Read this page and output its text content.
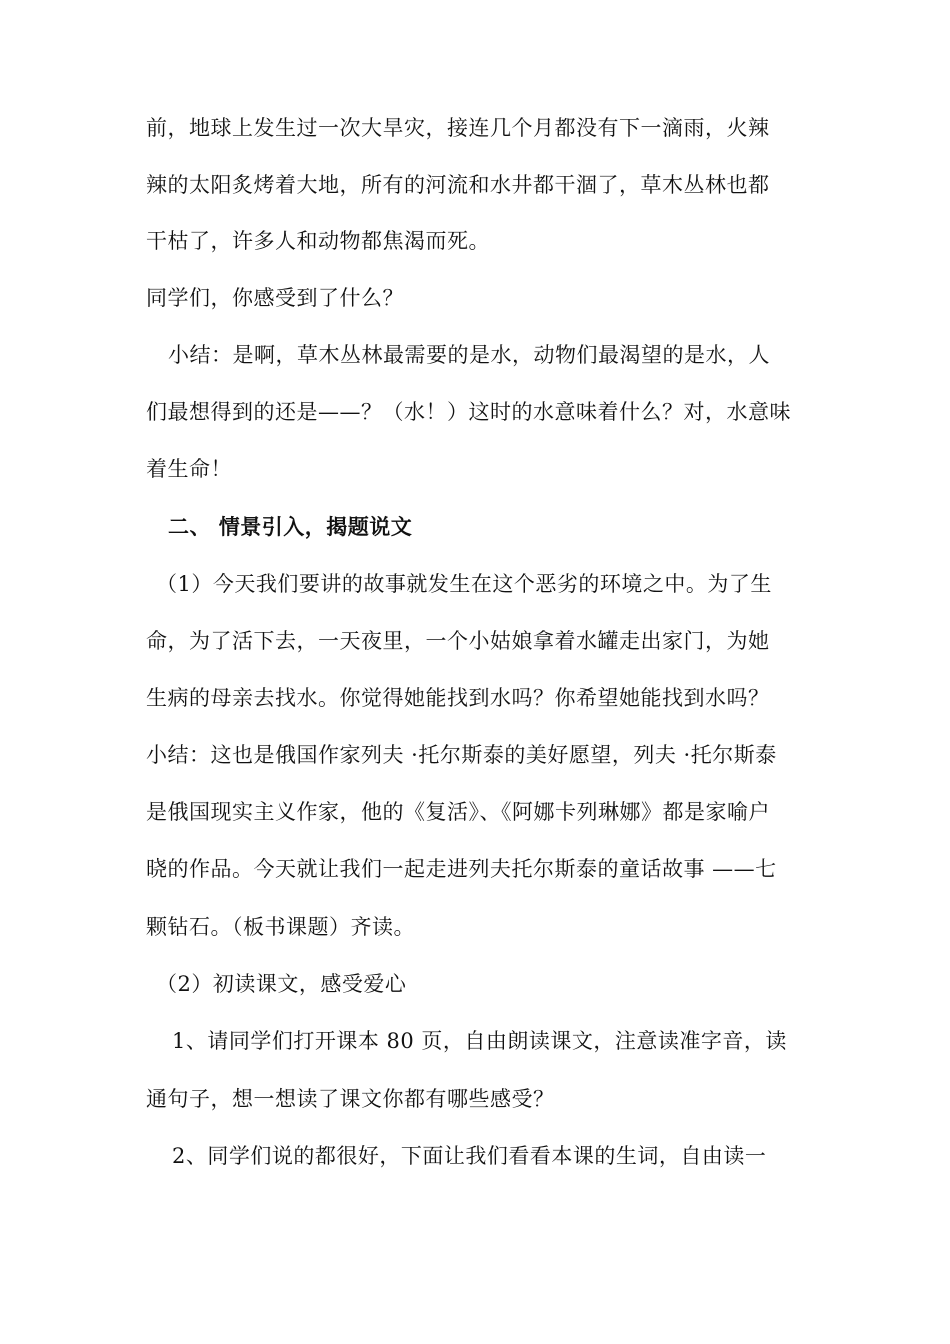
前，地球上发生过一次大旱灾，接连几个月都没有下一滴雨，火辣
辣的太阳炙烤着大地，所有的河流和水井都干涸了，草木丛林也都
干枯了，许多人和动物都焦渴而死。
同学们，你感受到了什么？
小结：是啊，草木丛林最需要的是水，动物们最渴望的是水，人
们最想得到的还是——？（水！）这时的水意味着什么？对，水意味
着生命！
二、 情景引入，揭题说文
（1）今天我们要讲的故事就发生在这个恶劣的环境之中。为了生
命，为了活下去，一天夜里，一个小姑娘拿着水罐走出家门，为她
生病的母亲去找水。你觉得她能找到水吗？你希望她能找到水吗？
小结：这也是俄国作家列夫 ·托尔斯泰的美好愿望，列夫 ·托尔斯泰
是俄国现实主义作家，他的《复活》、《阿娜卡列琳娜》都是家喻户
晓的作品。今天就让我们一起走进列夫托尔斯泰的童话故事 ——七
颗钻石。（板书课题）齐读。
（2）初读课文，感受爱心
1、请同学们打开课本 80 页，自由朗读课文，注意读准字音，读
通句子，想一想读了课文你都有哪些感受？
2、同学们说的都很好，下面让我们看看本课的生词，自由读一
